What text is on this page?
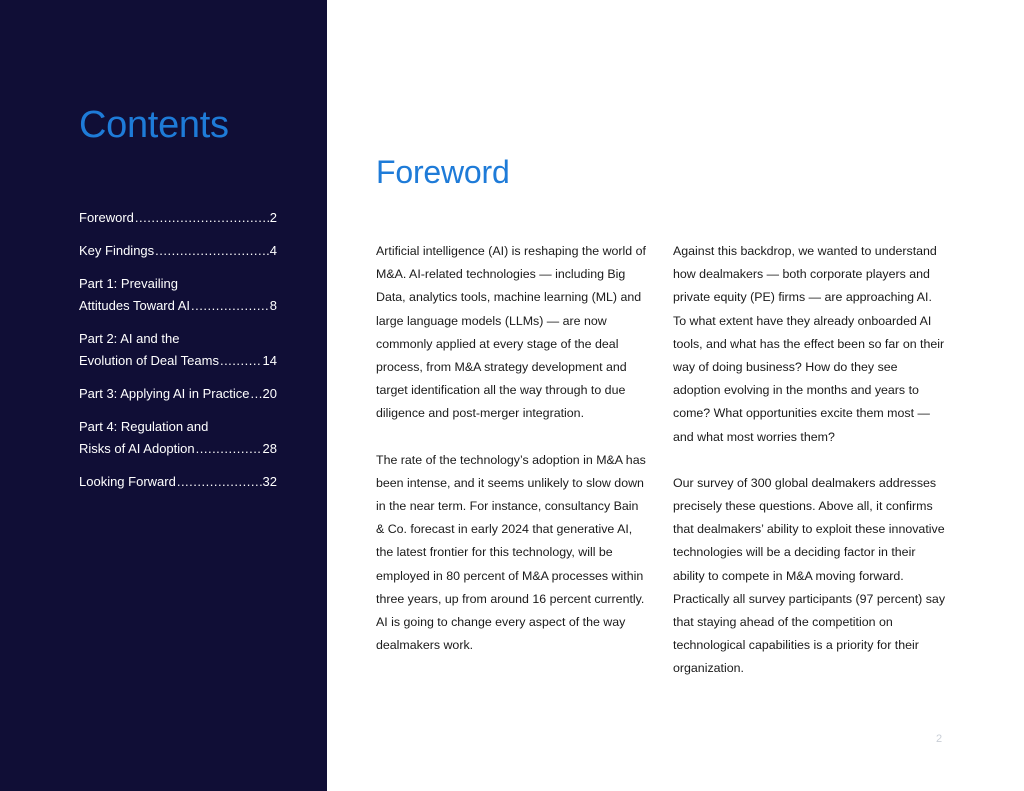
Contents
Foreword .....	2
Key Findings .....	4
Part 1: Prevailing
Attitudes Toward AI .....	8
Part 2: AI and the
Evolution of Deal Teams .....	14
Part 3: Applying AI in Practice ..... 20
Part 4: Regulation and
Risks of AI Adoption .....	28
Looking Forward .....	32
Foreword

Artificial intelligence (AI) is reshaping the world of M&A. AI-related technologies — including Big Data, analytics tools, machine learning (ML) and large language models (LLMs) — are now commonly applied at every stage of the deal process, from M&A strategy development and target identification all the way through to due diligence and post-merger integration.

The rate of the technology’s adoption in M&A has been intense, and it seems unlikely to slow down in the near term. For instance, consultancy Bain & Co. forecast in early 2024 that generative AI, the latest frontier for this technology, will be employed in 80 percent of M&A processes within three years, up from around 16 percent currently. AI is going to change every aspect of the way dealmakers work.

Against this backdrop, we wanted to understand how dealmakers — both corporate players and private equity (PE) firms — are approaching AI. To what extent have they already onboarded AI tools, and what has the effect been so far on their way of doing business? How do they see adoption evolving in the months and years to come? What opportunities excite them most — and what most worries them?

Our survey of 300 global dealmakers addresses precisely these questions. Above all, it confirms that dealmakers’ ability to exploit these innovative technologies will be a deciding factor in their ability to compete in M&A moving forward. Practically all survey participants (97 percent) say that staying ahead of the competition on technological capabilities is a priority for their organization.

2
